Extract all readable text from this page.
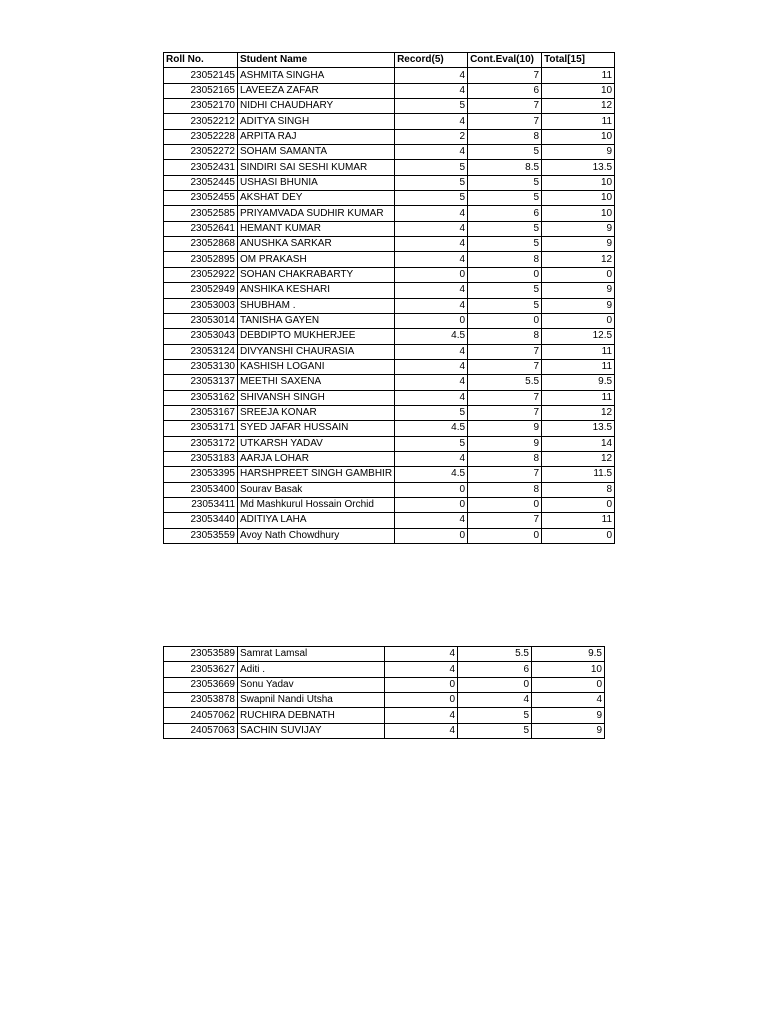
Roll No.	Student Name	Record(5)	Cont.Eval(10)	Total[15]
23052145	ASHMITA SINGHA	4	7	11
23052165	LAVEEZA ZAFAR	4	6	10
23052170	NIDHI CHAUDHARY	5	7	12
23052212	ADITYA SINGH	4	7	11
23052228	ARPITA RAJ	2	8	10
23052272	SOHAM SAMANTA	4	5	9
23052431	SINDIRI SAI SESHI KUMAR	5	8.5	13.5
23052445	USHASI BHUNIA	5	5	10
23052455	AKSHAT DEY	5	5	10
23052585	PRIYAMVADA SUDHIR KUMAR	4	6	10
23052641	HEMANT KUMAR	4	5	9
23052868	ANUSHKA SARKAR	4	5	9
23052895	OM PRAKASH	4	8	12
23052922	SOHAN CHAKRABARTY	0	0	0
23052949	ANSHIKA KESHARI	4	5	9
23053003	SHUBHAM .	4	5	9
23053014	TANISHA GAYEN	0	0	0
23053043	DEBDIPTO MUKHERJEE	4.5	8	12.5
23053124	DIVYANSHI CHAURASIA	4	7	11
23053130	KASHISH LOGANI	4	7	11
23053137	MEETHI SAXENA	4	5.5	9.5
23053162	SHIVANSH SINGH	4	7	11
23053167	SREEJA KONAR	5	7	12
23053171	SYED JAFAR HUSSAIN	4.5	9	13.5
23053172	UTKARSH YADAV	5	9	14
23053183	AARJA LOHAR	4	8	12
23053395	HARSHPREET SINGH GAMBHIR	4.5	7	11.5
23053400	Sourav Basak	0	8	8
23053411	Md Mashkurul Hossain Orchid	0	0	0
23053440	ADITIYA LAHA	4	7	11
23053559	Avoy Nath Chowdhury	0	0	0
23053589	Samrat Lamsal	4	5.5	9.5
23053627	Aditi .	4	6	10
23053669	Sonu Yadav	0	0	0
23053878	Swapnil Nandi Utsha	0	4	4
24057062	RUCHIRA DEBNATH	4	5	9
24057063	SACHIN SUVIJAY	4	5	9
